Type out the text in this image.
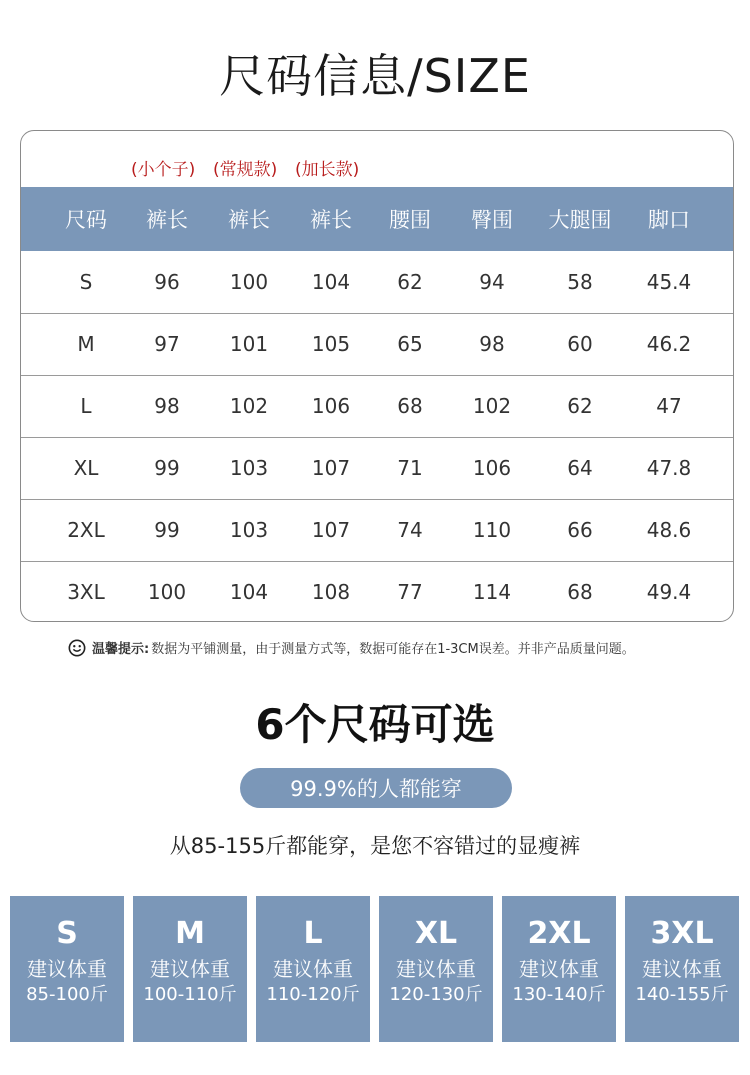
尺码信息/SIZE
(小个子) (常规款) (加长款)
尺码	裤长	裤长	裤长	腰围	臀围	大腿围	脚口
S	96	100	104	62	94	58	45.4
M	97	101	105	65	98	60	46.2
L	98	102	106	68	102	62	47
XL	99	103	107	71	106	64	47.8
2XL	99	103	107	74	110	66	48.6
3XL	100	104	108	77	114	68	49.4
温馨提示: 数据为平铺测量，由于测量方式等，数据可能存在1-3CM误差。并非产品质量问题。
6个尺码可选
99.9%的人都能穿
从85-155斤都能穿，是您不容错过的显瘦裤
S
建议体重
85-100斤
M
建议体重
100-110斤
L
建议体重
110-120斤
XL
建议体重
120-130斤
2XL
建议体重
130-140斤
3XL
建议体重
140-155斤
